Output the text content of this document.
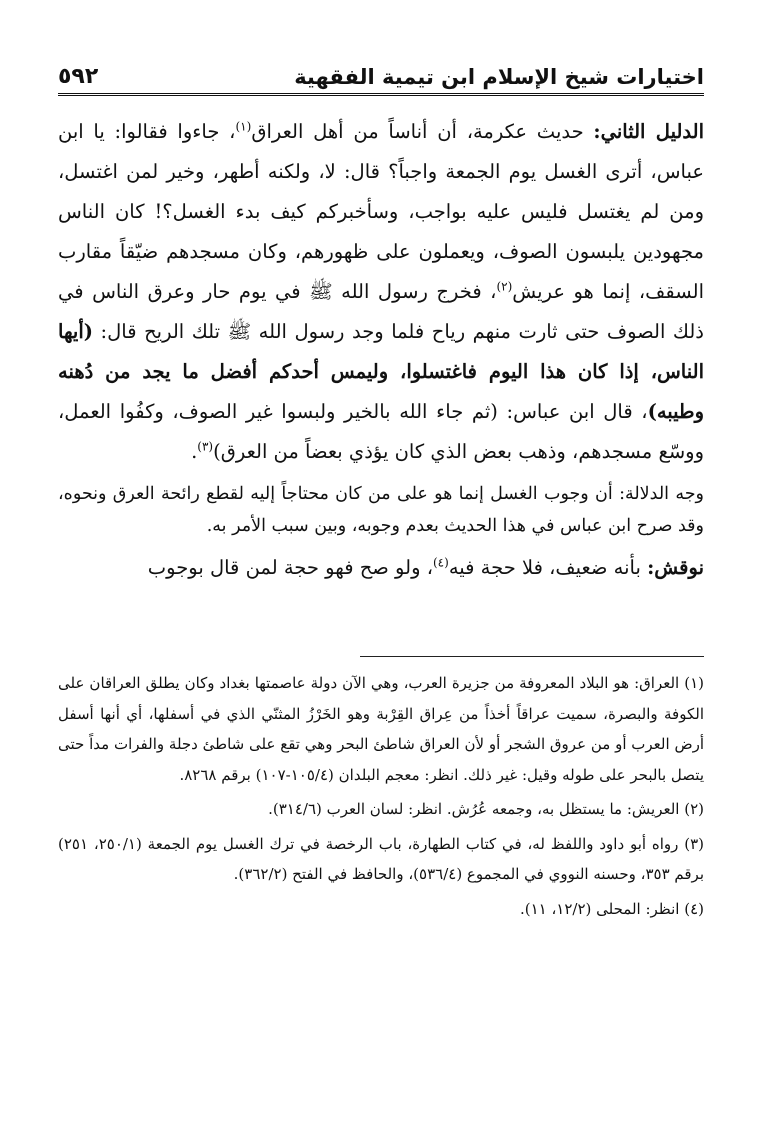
اختيارات شيخ الإسلام ابن تيمية الفقهية
٥٩٢

الدليل الثاني: حديث عكرمة، أن أناساً من أهل العراق$^{(١)}$، جاءوا فقالوا: يا ابن عباس، أترى الغسل يوم الجمعة واجباً؟ قال: لا، ولكنه أطهر، وخير لمن اغتسل، ومن لم يغتسل فليس عليه بواجب، وسأخبركم كيف بدء الغسل؟! كان الناس مجهودين يلبسون الصوف، ويعملون على ظهورهم، وكان مسجدهم ضيّقاً مقارب السقف، إنما هو عريش$^{(٢)}$، فخرج رسول الله ﷺ في يوم حار وعرق الناس في ذلك الصوف حتى ثارت منهم رياح فلما وجد رسول الله ﷺ تلك الريح قال: (أيها الناس، إذا كان هذا اليوم فاغتسلوا، وليمس أحدكم أفضل ما يجد من دُهنه وطيبه)، قال ابن عباس: (ثم جاء الله بالخير ولبسوا غير الصوف، وكفُوا العمل، ووسّع مسجدهم، وذهب بعض الذي كان يؤذي بعضاً من العرق)$^{(٣)}$.

وجه الدلالة: أن وجوب الغسل إنما هو على من كان محتاجاً إليه لقطع رائحة العرق ونحوه، وقد صرح ابن عباس في هذا الحديث بعدم وجوبه، وبين سبب الأمر به.

نوقش: بأنه ضعيف، فلا حجة فيه$^{(٤)}$، ولو صح فهو حجة لمن قال بوجوب

(١) العراق: هو البلاد المعروفة من جزيرة العرب، وهي الآن دولة عاصمتها بغداد وكان يطلق العراقان على الكوفة والبصرة، سميت عراقاً أخذاً من عِراق القِرْبة وهو الخَرْزُ المثنّي الذي في أسفلها، أي أنها أسفل أرض العرب أو من عروق الشجر أو لأن العراق شاطئ البحر وهي تقع على شاطئ دجلة والفرات مداً حتى يتصل بالبحر على طوله وقيل: غير ذلك. انظر: معجم البلدان (١٠٥/٤-١٠٧) برقم ٨٢٦٨.

(٢) العريش: ما يستظل به، وجمعه عُرُش. انظر: لسان العرب (٣١٤/٦).

(٣) رواه أبو داود واللفظ له، في كتاب الطهارة، باب الرخصة في ترك الغسل يوم الجمعة (٢٥٠/١، ٢٥١) برقم ٣٥٣، وحسنه النووي في المجموع (٥٣٦/٤)، والحافظ في الفتح (٣٦٢/٢).

(٤) انظر: المحلى (١٢/٢، ١١).
